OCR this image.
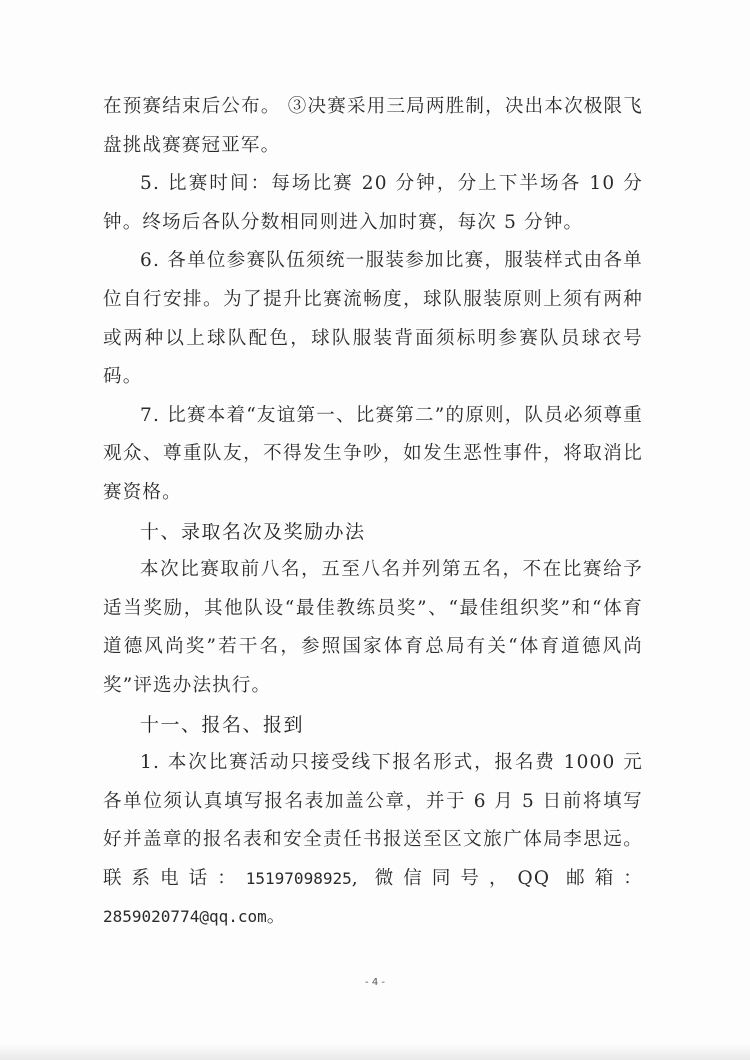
在预赛结束后公布。 ③决赛采用三局两胜制，决出本次极限飞盘挑战赛赛冠亚军。

5. 比赛时间：每场比赛 20 分钟，分上下半场各 10 分钟。终场后各队分数相同则进入加时赛，每次 5 分钟。

6. 各单位参赛队伍须统一服装参加比赛，服装样式由各单位自行安排。为了提升比赛流畅度，球队服装原则上须有两种或两种以上球队配色，球队服装背面须标明参赛队员球衣号码。

7. 比赛本着“友谊第一、比赛第二”的原则，队员必须尊重观众、尊重队友，不得发生争吵，如发生恶性事件，将取消比赛资格。

十、录取名次及奖励办法

本次比赛取前八名，五至八名并列第五名，不在比赛给予适当奖励，其他队设“最佳教练员奖”、“最佳组织奖”和“体育道德风尚奖”若干名，参照国家体育总局有关“体育道德风尚奖”评选办法执行。

十一、报名、报到

1. 本次比赛活动只接受线下报名形式，报名费 1000 元各单位须认真填写报名表加盖公章，并于 6 月 5 日前将填写好并盖章的报名表和安全责任书报送至区文旅广体局李思远。联系电话：15197098925, 微信同号，QQ 邮箱：2859020774@qq.com。

- 4 -
